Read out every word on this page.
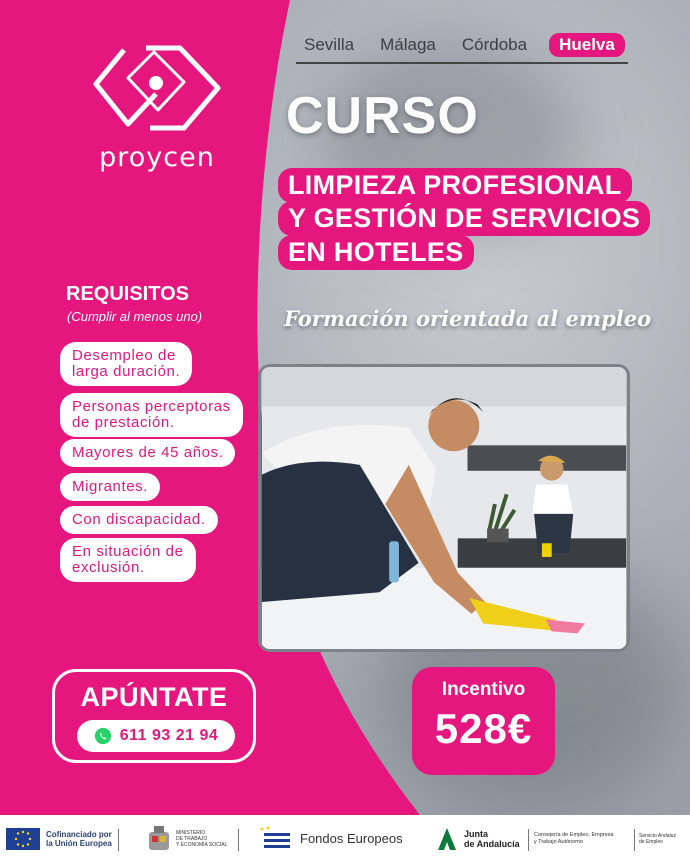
proycen
Sevilla Málaga Córdoba	Huelva
CURSO
LIMPIEZA PROFESIONAL
Y GESTIÓN DE SERVICIOS
EN HOTELES
Formación orientada al empleo
REQUISITOS
(Cumplir al menos uno)
Desempleo de
larga duración.
Personas perceptoras
de prestación.
Mayores de 45 años.
Migrantes.
Con discapacidad.
En situación de
exclusión.
APÚNTATE
611 93 21 94
Incentivo
528€
Cofinanciado por
la Unión Europea
MINISTERIO
DE TRABAJO
Y ECONOMÍA SOCIAL	Fondos Europeos	Junta
de Andalucía
Consejería de Empleo, Empresa
y Trabajo Autónomo
Servicio Andaluz
de Empleo
